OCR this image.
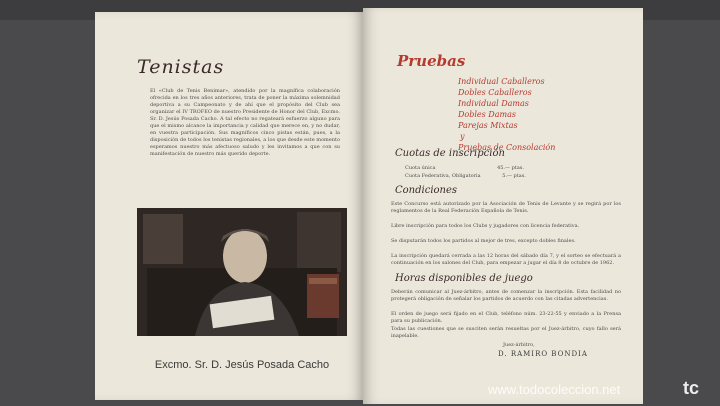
Tenistas
El «Club de Tenis Benimar», atendido por la magnífica colaboración ofrecida en los tres años anteriores, trata de poner la máxima solemnidad deportiva a su Campeonato y de ahí que el propósito del Club sea organizar el IV TROFEO de nuestro Presidente de Honor del Club, Excmo. Sr. D. Jesús Posada Cacho. A tal efecto no regateará esfuerzo alguno para que el mismo alcance la importancia y calidad que merece en, y no dudar, en vuestra participación. Sus magníficos cinco pistas están, pues, a la disposición de todos los tenistas regionales, a los que desde este momento esperamos nuestro más afectuoso saludo y les invitamos a que con su manifestación de nuestro más querido deporte.
Excmo. Sr. D. Jesús Posada Cacho
Pruebas
Individual Caballeros
Dobles Caballeros
Individual Damas
Dobles Damas
Parejas Mixtas
y
Pruebas de Consolación
Cuotas de inscripción
Cuota única	45.— ptas.
Cuota Federativa, Obligatoria	5.— ptas.
Condiciones
Este Concurso está autorizado por la Asociación de Tenis de Levante y se regirá por los reglamentos de la Real Federación Española de Tenis.
Libre inscripción para todos los Clubs y jugadores con licencia federativa.
Se disputarán todos los partidos al mejor de tres, excepto dobles finales.
La inscripción quedará cerrada a las 12 horas del sábado día 7, y el sorteo se efectuará a continuación en los salones del Club, para empezar a jugar el día 8 de octubre de 1962.
Horas disponibles de juego
Deberán comunicar al Juez-árbitro, antes de comenzar la inscripción. Esta facilidad no protegerá obligación de señalar los partidos de acuerdo con las citadas advertencias.
El orden de juego será fijado en el Club, teléfono núm. 23-22-55 y enviado a la Prensa para su publicación.
Todas las cuestiones que se susciten serán resueltas por el Juez-árbitro, cuyo fallo será inapelable.
Juez-árbitro,
D. RAMIRO BONDIA
www.todocoleccion.net	tc
